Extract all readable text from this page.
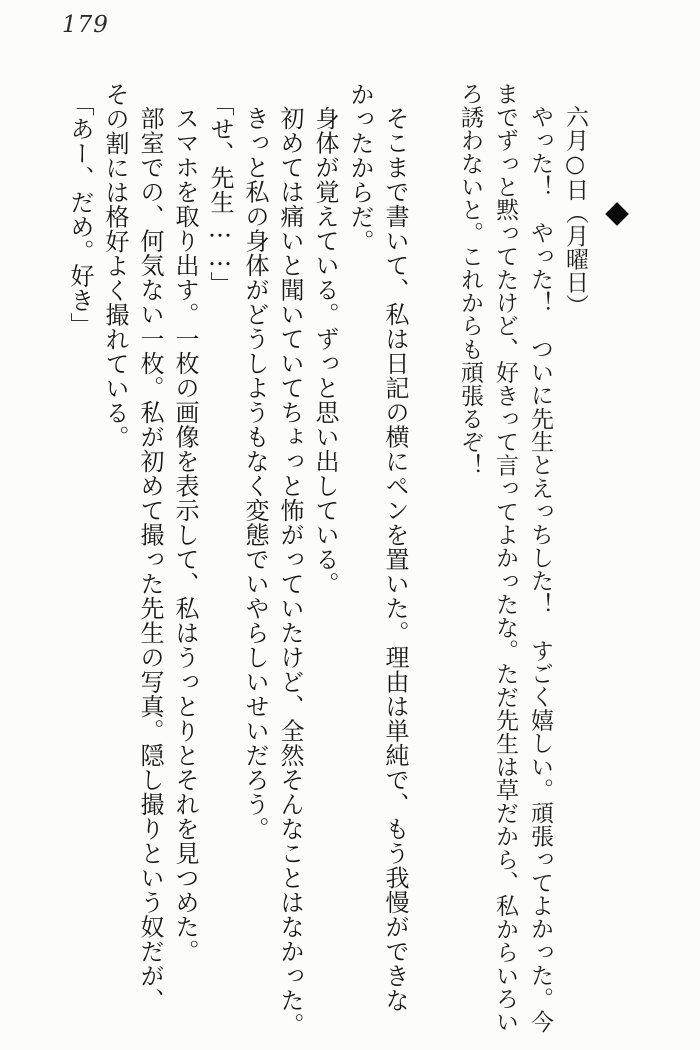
179

◆

六月○日（月曜日）

やった！　やった！　ついに先生とえっちした！　すごく嬉しい。頑張ってよかった。今

までずっと黙ってたけど、好きって言ってよかったな。ただ先生は草だから、私からいろい

ろ誘わないと。これからも頑張るぞ！

そこまで書いて、私は日記の横にペンを置いた。理由は単純で、もう我慢ができな

かったからだ。

身体が覚えている。ずっと思い出している。

初めては痛いと聞いていてちょっと怖がっていたけど、全然そんなことはなかった。

きっと私の身体がどうしようもなく変態でいやらしいせいだろう。

「せ、先生……」

スマホを取り出す。一枚の画像を表示して、私はうっとりとそれを見つめた。

部室での、何気ない一枚。私が初めて撮った先生の写真。隠し撮りという奴だが、

その割には格好よく撮れている。

「あー、だめ。好き」
